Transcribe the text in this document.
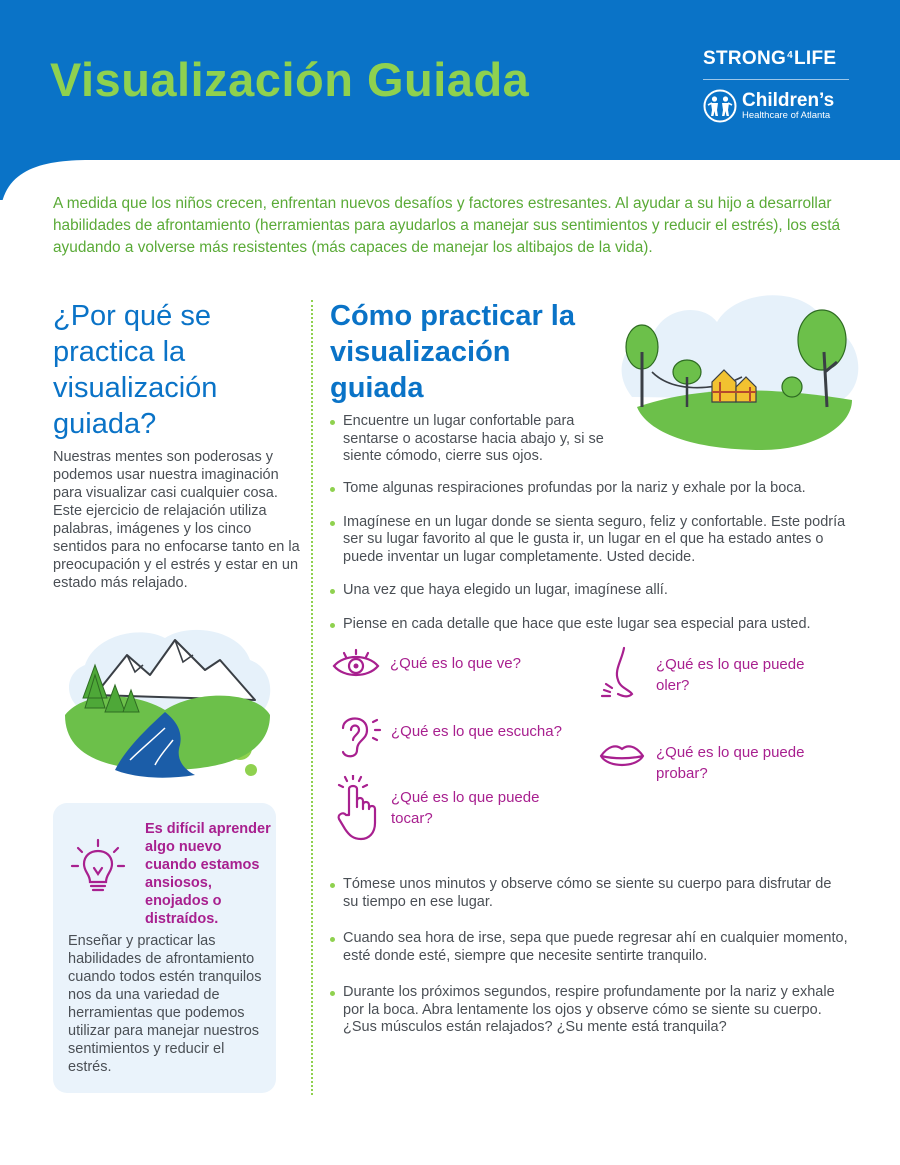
Visualización Guiada	STRONG$^4$ LIFE
Children’s
Healthcare of Atlanta

A medida que los niños crecen, enfrentan nuevos desafíos y factores estresantes. Al ayudar a su hijo a desarrollar habilidades de afrontamiento (herramientas para ayudarlos a manejar sus sentimientos y reducir el estrés), los está ayudando a volverse más resistentes (más capaces de manejar los altibajos de la vida).

¿Por qué se practica la visualización guiada?

Nuestras mentes son poderosas y podemos usar nuestra imaginación para visualizar casi cualquier cosa. Este ejercicio de relajación utiliza palabras, imágenes y los cinco sentidos para no enfocarse tanto en la preocupación y el estrés y estar en un estado más relajado.

Es difícil aprender algo nuevo cuando estamos ansiosos, enojados o distraídos.

Enseñar y practicar las habilidades de afrontamiento cuando todos estén tranquilos nos da una variedad de herramientas que podemos utilizar para manejar nuestros sentimientos y reducir el estrés.

Cómo practicar la visualización guiada
Encuentre un lugar confortable para sentarse o acostarse hacia abajo y, si se siente cómodo, cierre sus ojos.
Tome algunas respiraciones profundas por la nariz y exhale por la boca.
Imagínese en un lugar donde se sienta seguro, feliz y confortable. Este podría ser su lugar favorito al que le gusta ir, un lugar en el que ha estado antes o puede inventar un lugar completamente. Usted decide.
Una vez que haya elegido un lugar, imagínese allí.
Piense en cada detalle que hace que este lugar sea especial para usted.
¿Qué es lo que ve?	¿Qué es lo que puede oler?
¿Qué es lo que escucha?
¿Qué es lo que puede probar?
¿Qué es lo que puede tocar?
Tómese unos minutos y observe cómo se siente su cuerpo para disfrutar de su tiempo en ese lugar.
Cuando sea hora de irse, sepa que puede regresar ahí en cualquier momento, esté donde esté, siempre que necesite sentirte tranquilo.
Durante los próximos segundos, respire profundamente por la nariz y exhale por la boca. Abra lentamente los ojos y observe cómo se siente su cuerpo. ¿Sus músculos están relajados? ¿Su mente está tranquila?
